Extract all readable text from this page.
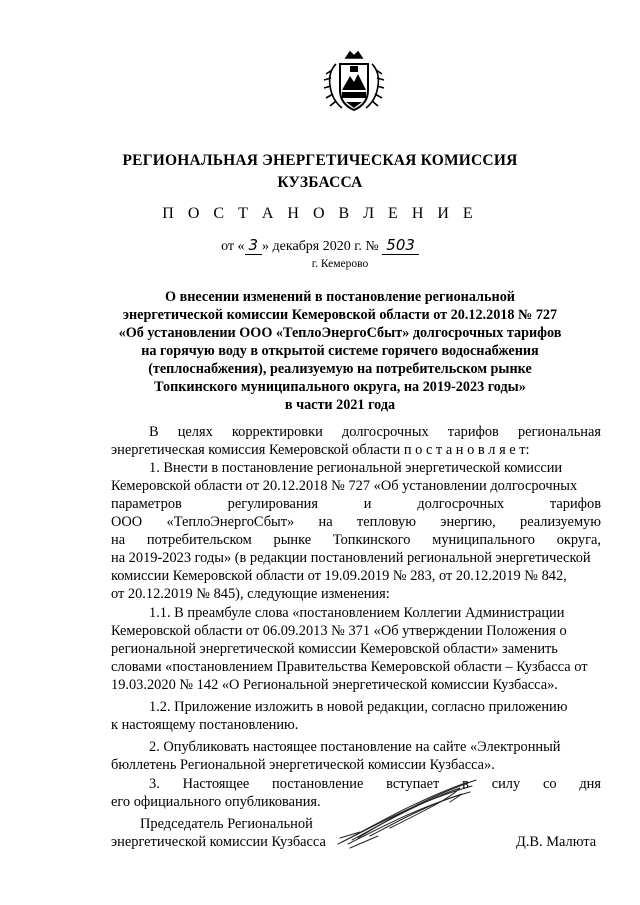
РЕГИОНАЛЬНАЯ ЭНЕРГЕТИЧЕСКАЯ КОМИССИЯ
КУЗБАССА
П О С Т А Н О В Л Е Н И Е
от « 3 » декабря 2020 г. № 503
г. Кемерово
О внесении изменений в постановление региональной
энергетической комиссии Кемеровской области от 20.12.2018 № 727
«Об установлении ООО «ТеплоЭнергоСбыт» долгосрочных тарифов
на горячую воду в открытой системе горячего водоснабжения
(теплоснабжения), реализуемую на потребительском рынке
Топкинского муниципального округа, на 2019-2023 годы»
в части 2021 года
В целях корректировки долгосрочных тарифов региональная
энергетическая комиссия Кемеровской области п о с т а н о в л я е т:
1. Внести в постановление региональной энергетической комиссии
Кемеровской области от 20.12.2018 № 727 «Об установлении долгосрочных
параметров регулирования и долгосрочных тарифов
ООО «ТеплоЭнергоСбыт» на тепловую энергию, реализуемую
на потребительском рынке Топкинского муниципального округа,
на 2019-2023 годы» (в редакции постановлений региональной энергетической
комиссии Кемеровской области от 19.09.2019 № 283, от 20.12.2019 № 842,
от 20.12.2019 № 845), следующие изменения:
1.1. В преамбуле слова «постановлением Коллегии Администрации
Кемеровской области от 06.09.2013 № 371 «Об утверждении Положения о
региональной энергетической комиссии Кемеровской области» заменить
словами «постановлением Правительства Кемеровской области – Кузбасса от
19.03.2020 № 142 «О Региональной энергетической комиссии Кузбасса».
1.2. Приложение изложить в новой редакции, согласно приложению
к настоящему постановлению.
2. Опубликовать настоящее постановление на сайте «Электронный
бюллетень Региональной энергетической комиссии Кузбасса».
3. Настоящее постановление вступает в силу со дня
его официального опубликования.
Председатель Региональной
энергетической комиссии Кузбасса	Д.В. Малюта
